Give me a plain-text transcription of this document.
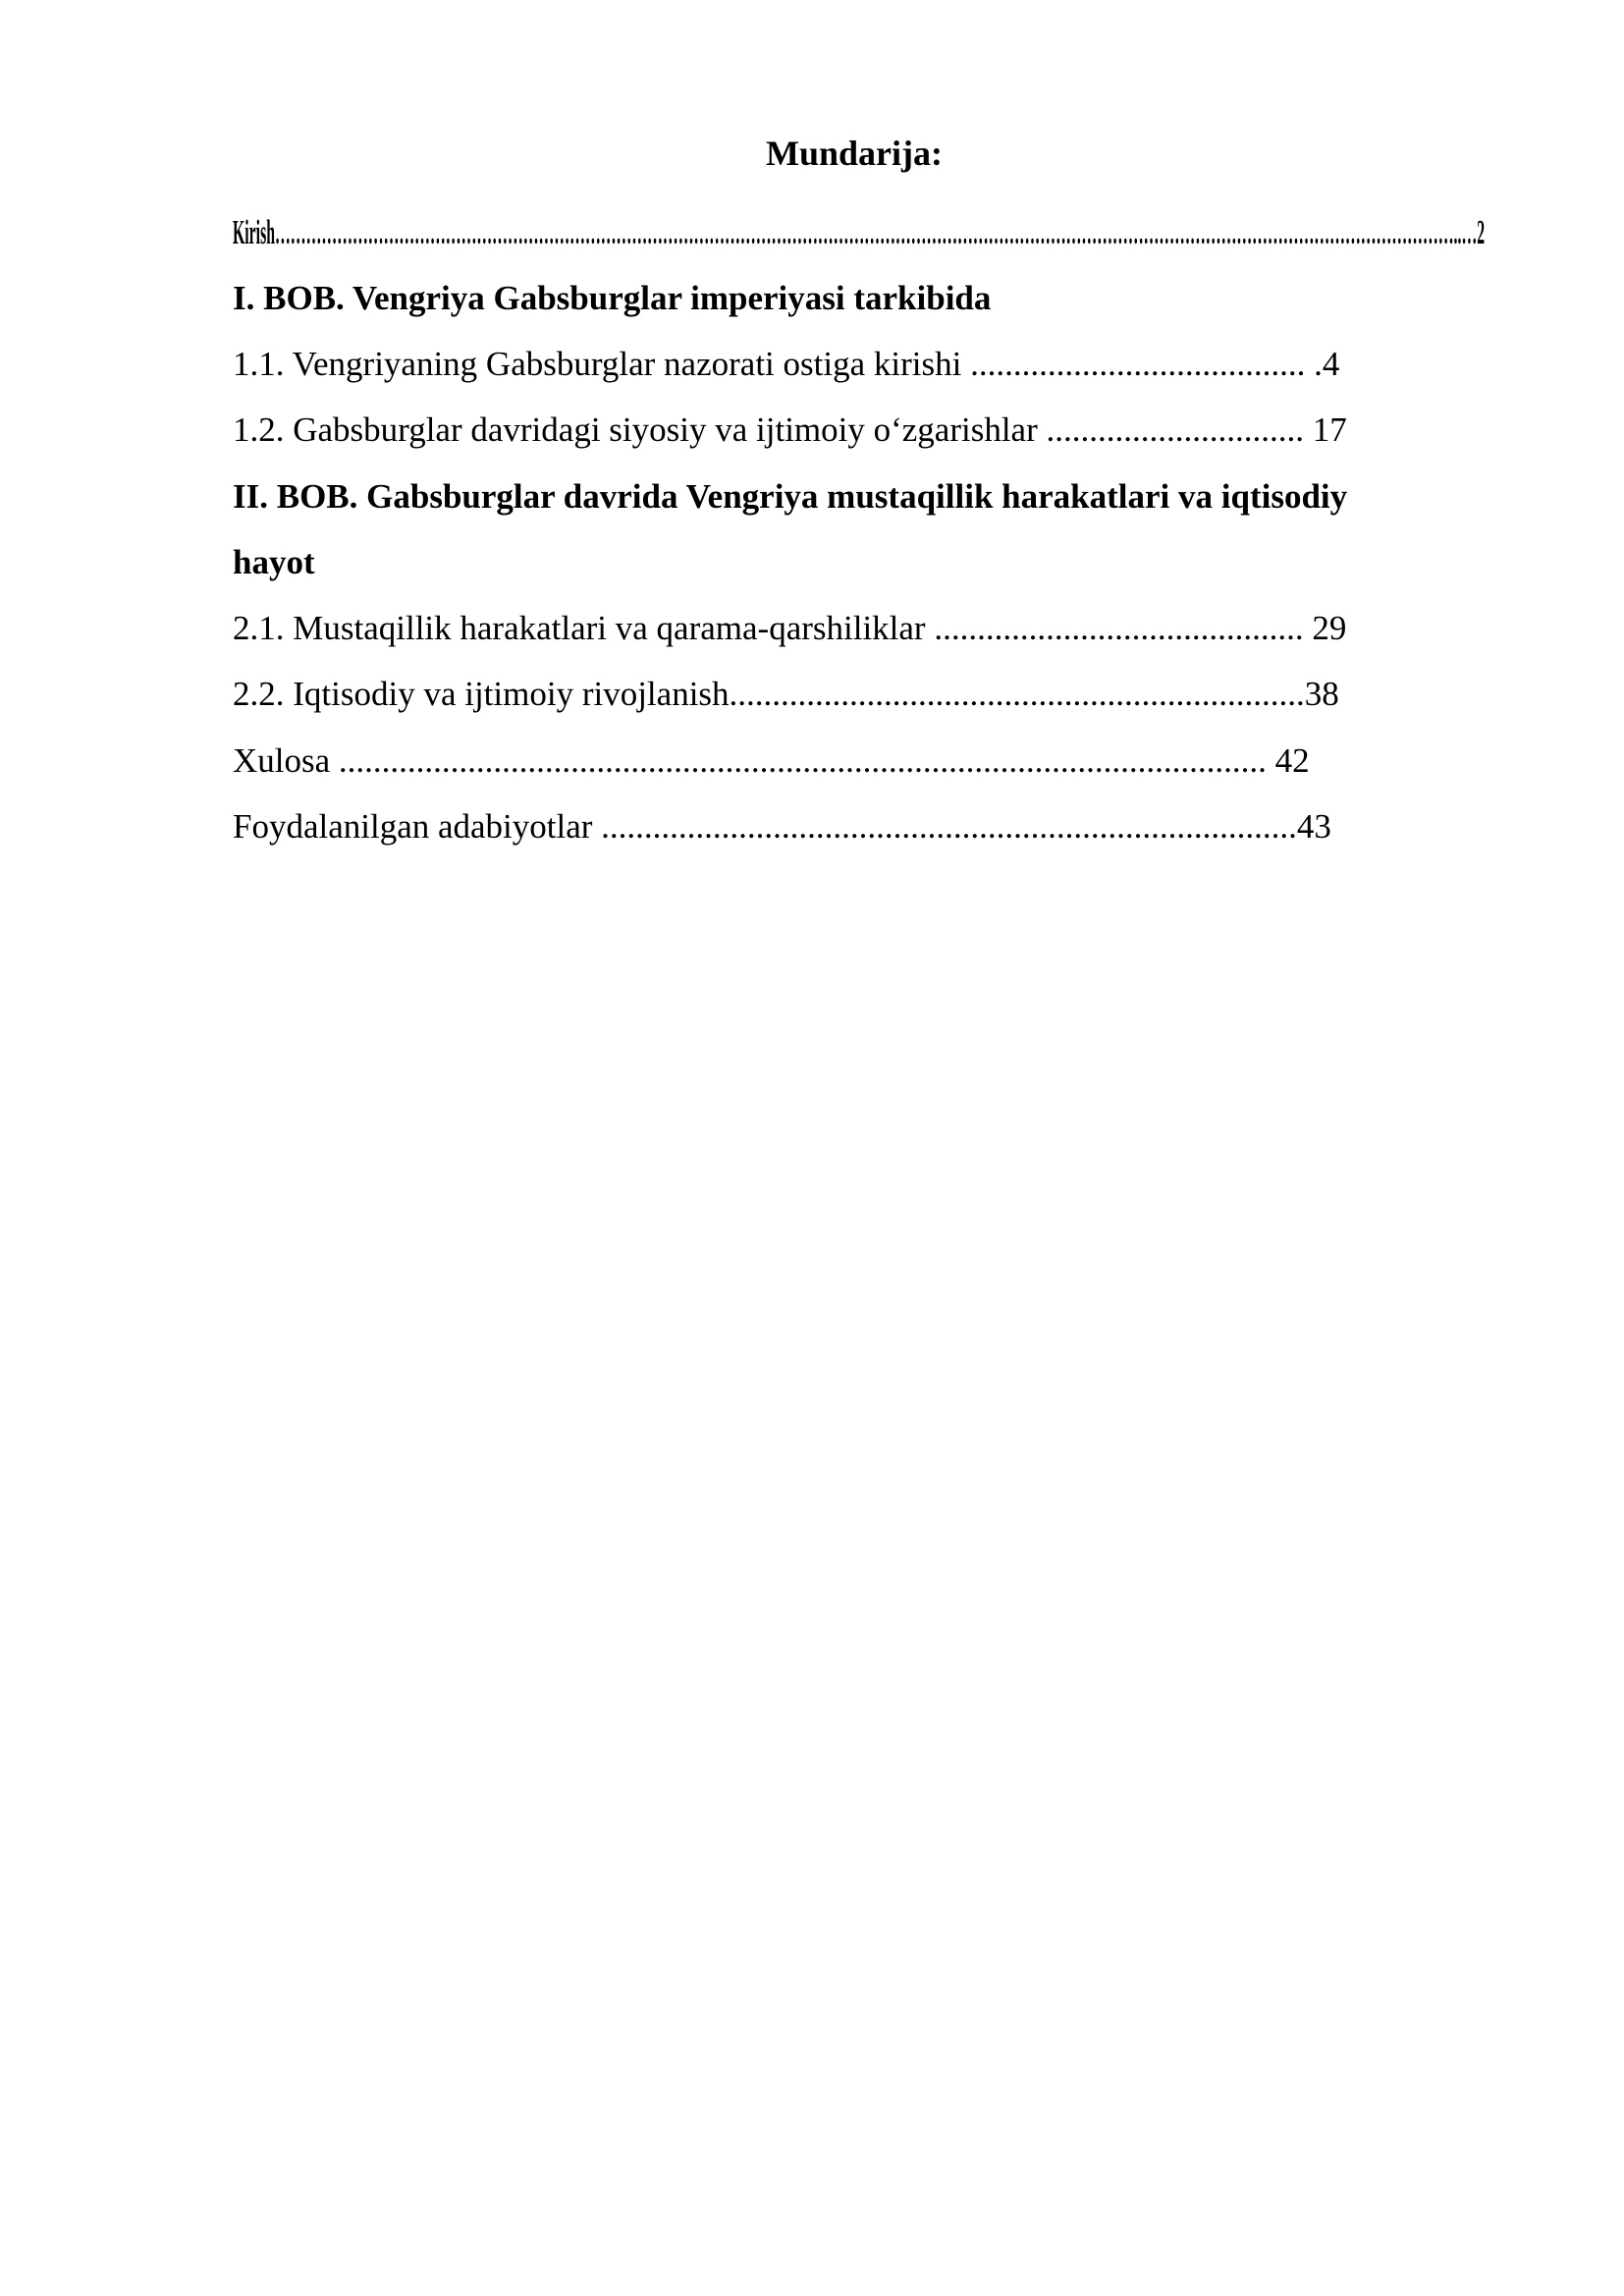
Mundarija:
Kirish…………………………………………………………………………………………………………………………………………………………………………………………………………..…2
I. BOB. Vengriya Gabsburglar imperiyasi tarkibida
1.1. Vengriyaning Gabsburglar nazorati ostiga kirishi ....................................... .4
1.2. Gabsburglar davridagi siyosiy va ijtimoiy o‘zgarishlar .............................. 17
II. BOB. Gabsburglar davrida Vengriya mustaqillik harakatlari va iqtisodiy
hayot
2.1. Mustaqillik harakatlari va qarama-qarshiliklar ........................................... 29
2.2. Iqtisodiy va ijtimoiy rivojlanish...................................................................38
Xulosa ............................................................................................................ 42
Foydalanilgan adabiyotlar .................................................................................43
